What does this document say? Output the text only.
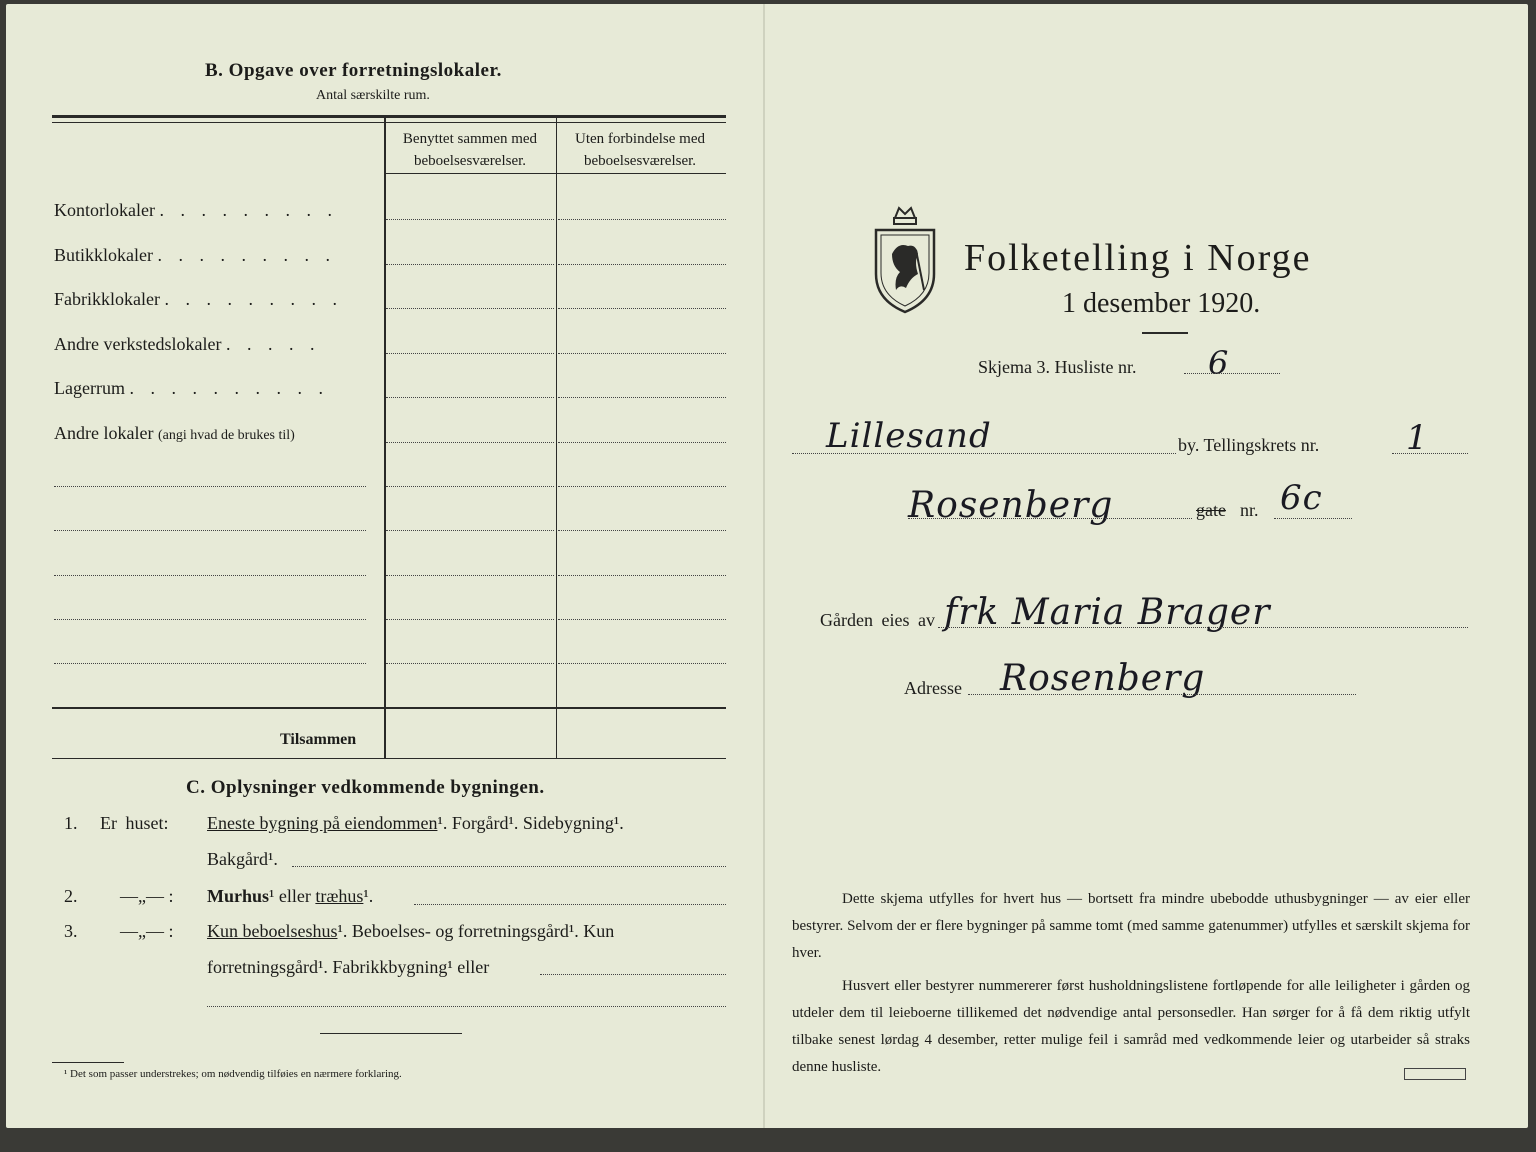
B. Opgave over forretningslokaler.
Antal særskilte rum.
Benyttet sammen med beboelsesværelser.
Uten forbindelse med beboelsesværelser.
Kontorlokaler . . . . . . . . .
Butikklokaler . . . . . . . . .
Fabrikklokaler . . . . . . . . .
Andre verkstedslokaler . . . . .
Lagerrum . . . . . . . . . .
Andre lokaler (angi hvad de brukes til)
Tilsammen
C. Oplysninger vedkommende bygningen.
1. Er huset: Eneste bygning på eiendommen¹. Forgård¹. Sidebygning¹.
Bakgård¹.
2. —„— : Murhus¹ eller træhus¹.
3. —„— : Kun beboelseshus¹. Beboelses- og forretningsgård¹. Kun
forretningsgård¹. Fabrikkbygning¹ eller
¹ Det som passer understrekes; om nødvendig tilføies en nærmere forklaring.
Folketelling i Norge
1 desember 1920.
Skjema 3. Husliste nr. 6
Lillesand	by. Tellingskrets nr.	1
Rosenberg	gate nr. 6c
Gården eies av frk Maria Brager
Adresse Rosenberg
Dette skjema utfylles for hvert hus — bortsett fra mindre ubebodde uthusbygninger — av eier eller bestyrer. Selvom der er flere bygninger på samme tomt (med samme gatenummer) utfylles et særskilt skjema for hver.
Husvert eller bestyrer nummererer først husholdningslistene fortløpende for alle leiligheter i gården og utdeler dem til leieboerne tillikemed det nødvendige antal personsedler. Han sørger for å få dem riktig utfylt tilbake senest lørdag 4 desember, retter mulige feil i samråd med vedkommende leier og utarbeider så straks denne husliste.
